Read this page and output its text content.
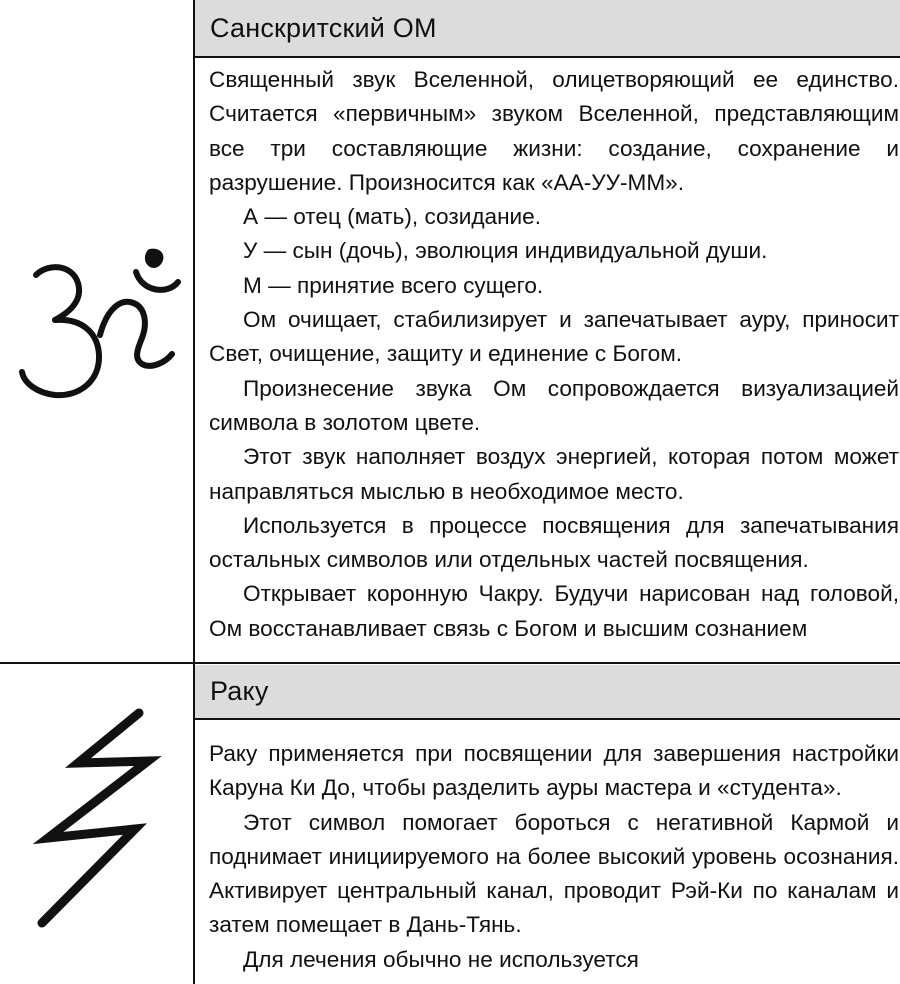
Санскритский ОМ

Священный звук Вселенной, олицетворяющий ее единство. Считается «первичным» звуком Вселенной, представляющим все три составляющие жизни: создание, сохранение и разрушение. Произносится как «АА-УУ-ММ».

А — отец (мать), созидание.

У — сын (дочь), эволюция индивидуальной души.

М — принятие всего сущего.

Ом очищает, стабилизирует и запечатывает ауру, приносит Свет, очищение, защиту и единение с Богом.

Произнесение звука Ом сопровождается визуализацией символа в золотом цвете.

Этот звук наполняет воздух энергией, которая потом может направляться мыслью в необходимое место.

Используется в процессе посвящения для запечатывания остальных символов или отдельных частей посвящения.

Открывает коронную Чакру. Будучи нарисован над головой, Ом восстанавливает связь с Богом и высшим сознанием

Раку

Раку применяется при посвящении для завершения настройки Каруна Ки До, чтобы разделить ауры мастера и «студента».

Этот символ помогает бороться с негативной Кармой и поднимает инициируемого на более высокий уровень осознания. Активирует центральный канал, проводит Рэй-Ки по каналам и затем помещает в Дань-Тянь.

Для лечения обычно не используется
